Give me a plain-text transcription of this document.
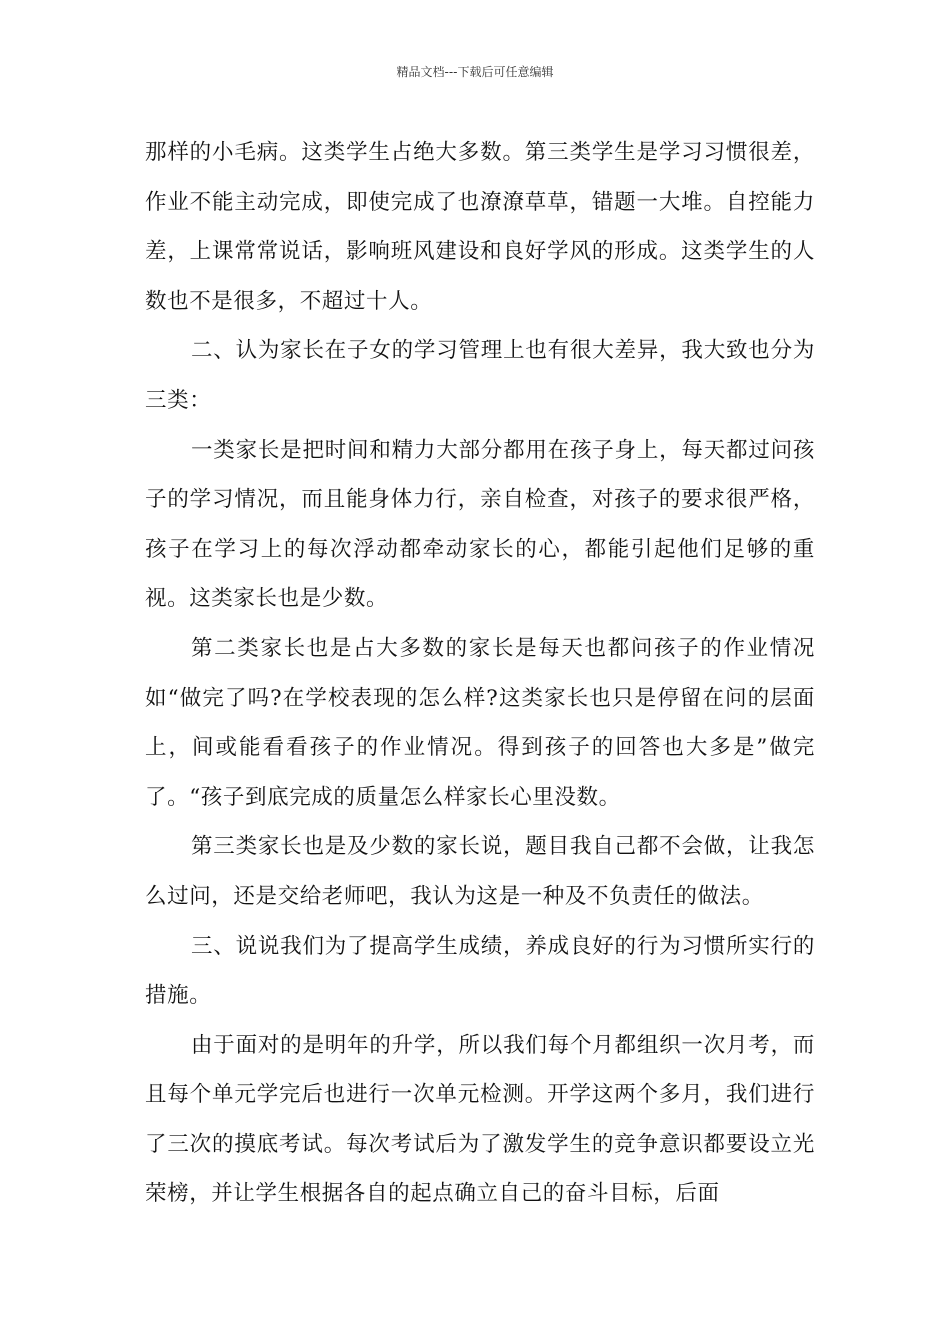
精品文档---下载后可任意编辑

那样的小毛病。这类学生占绝大多数。第三类学生是学习习惯很差，作业不能主动完成，即使完成了也潦潦草草，错题一大堆。自控能力差，上课常常说话，影响班风建设和良好学风的形成。这类学生的人数也不是很多，不超过十人。

二、认为家长在子女的学习管理上也有很大差异，我大致也分为三类：

一类家长是把时间和精力大部分都用在孩子身上，每天都过问孩子的学习情况，而且能身体力行，亲自检查，对孩子的要求很严格，孩子在学习上的每次浮动都牵动家长的心，都能引起他们足够的重视。这类家长也是少数。

第二类家长也是占大多数的家长是每天也都问孩子的作业情况如“做完了吗?在学校表现的怎么样?这类家长也只是停留在问的层面上，间或能看看孩子的作业情况。得到孩子的回答也大多是”做完了。“孩子到底完成的质量怎么样家长心里没数。

第三类家长也是及少数的家长说，题目我自己都不会做，让我怎么过问，还是交给老师吧，我认为这是一种及不负责任的做法。

三、说说我们为了提高学生成绩，养成良好的行为习惯所实行的措施。

由于面对的是明年的升学，所以我们每个月都组织一次月考，而且每个单元学完后也进行一次单元检测。开学这两个多月，我们进行了三次的摸底考试。每次考试后为了激发学生的竞争意识都要设立光荣榜，并让学生根据各自的起点确立自己的奋斗目标，后面
